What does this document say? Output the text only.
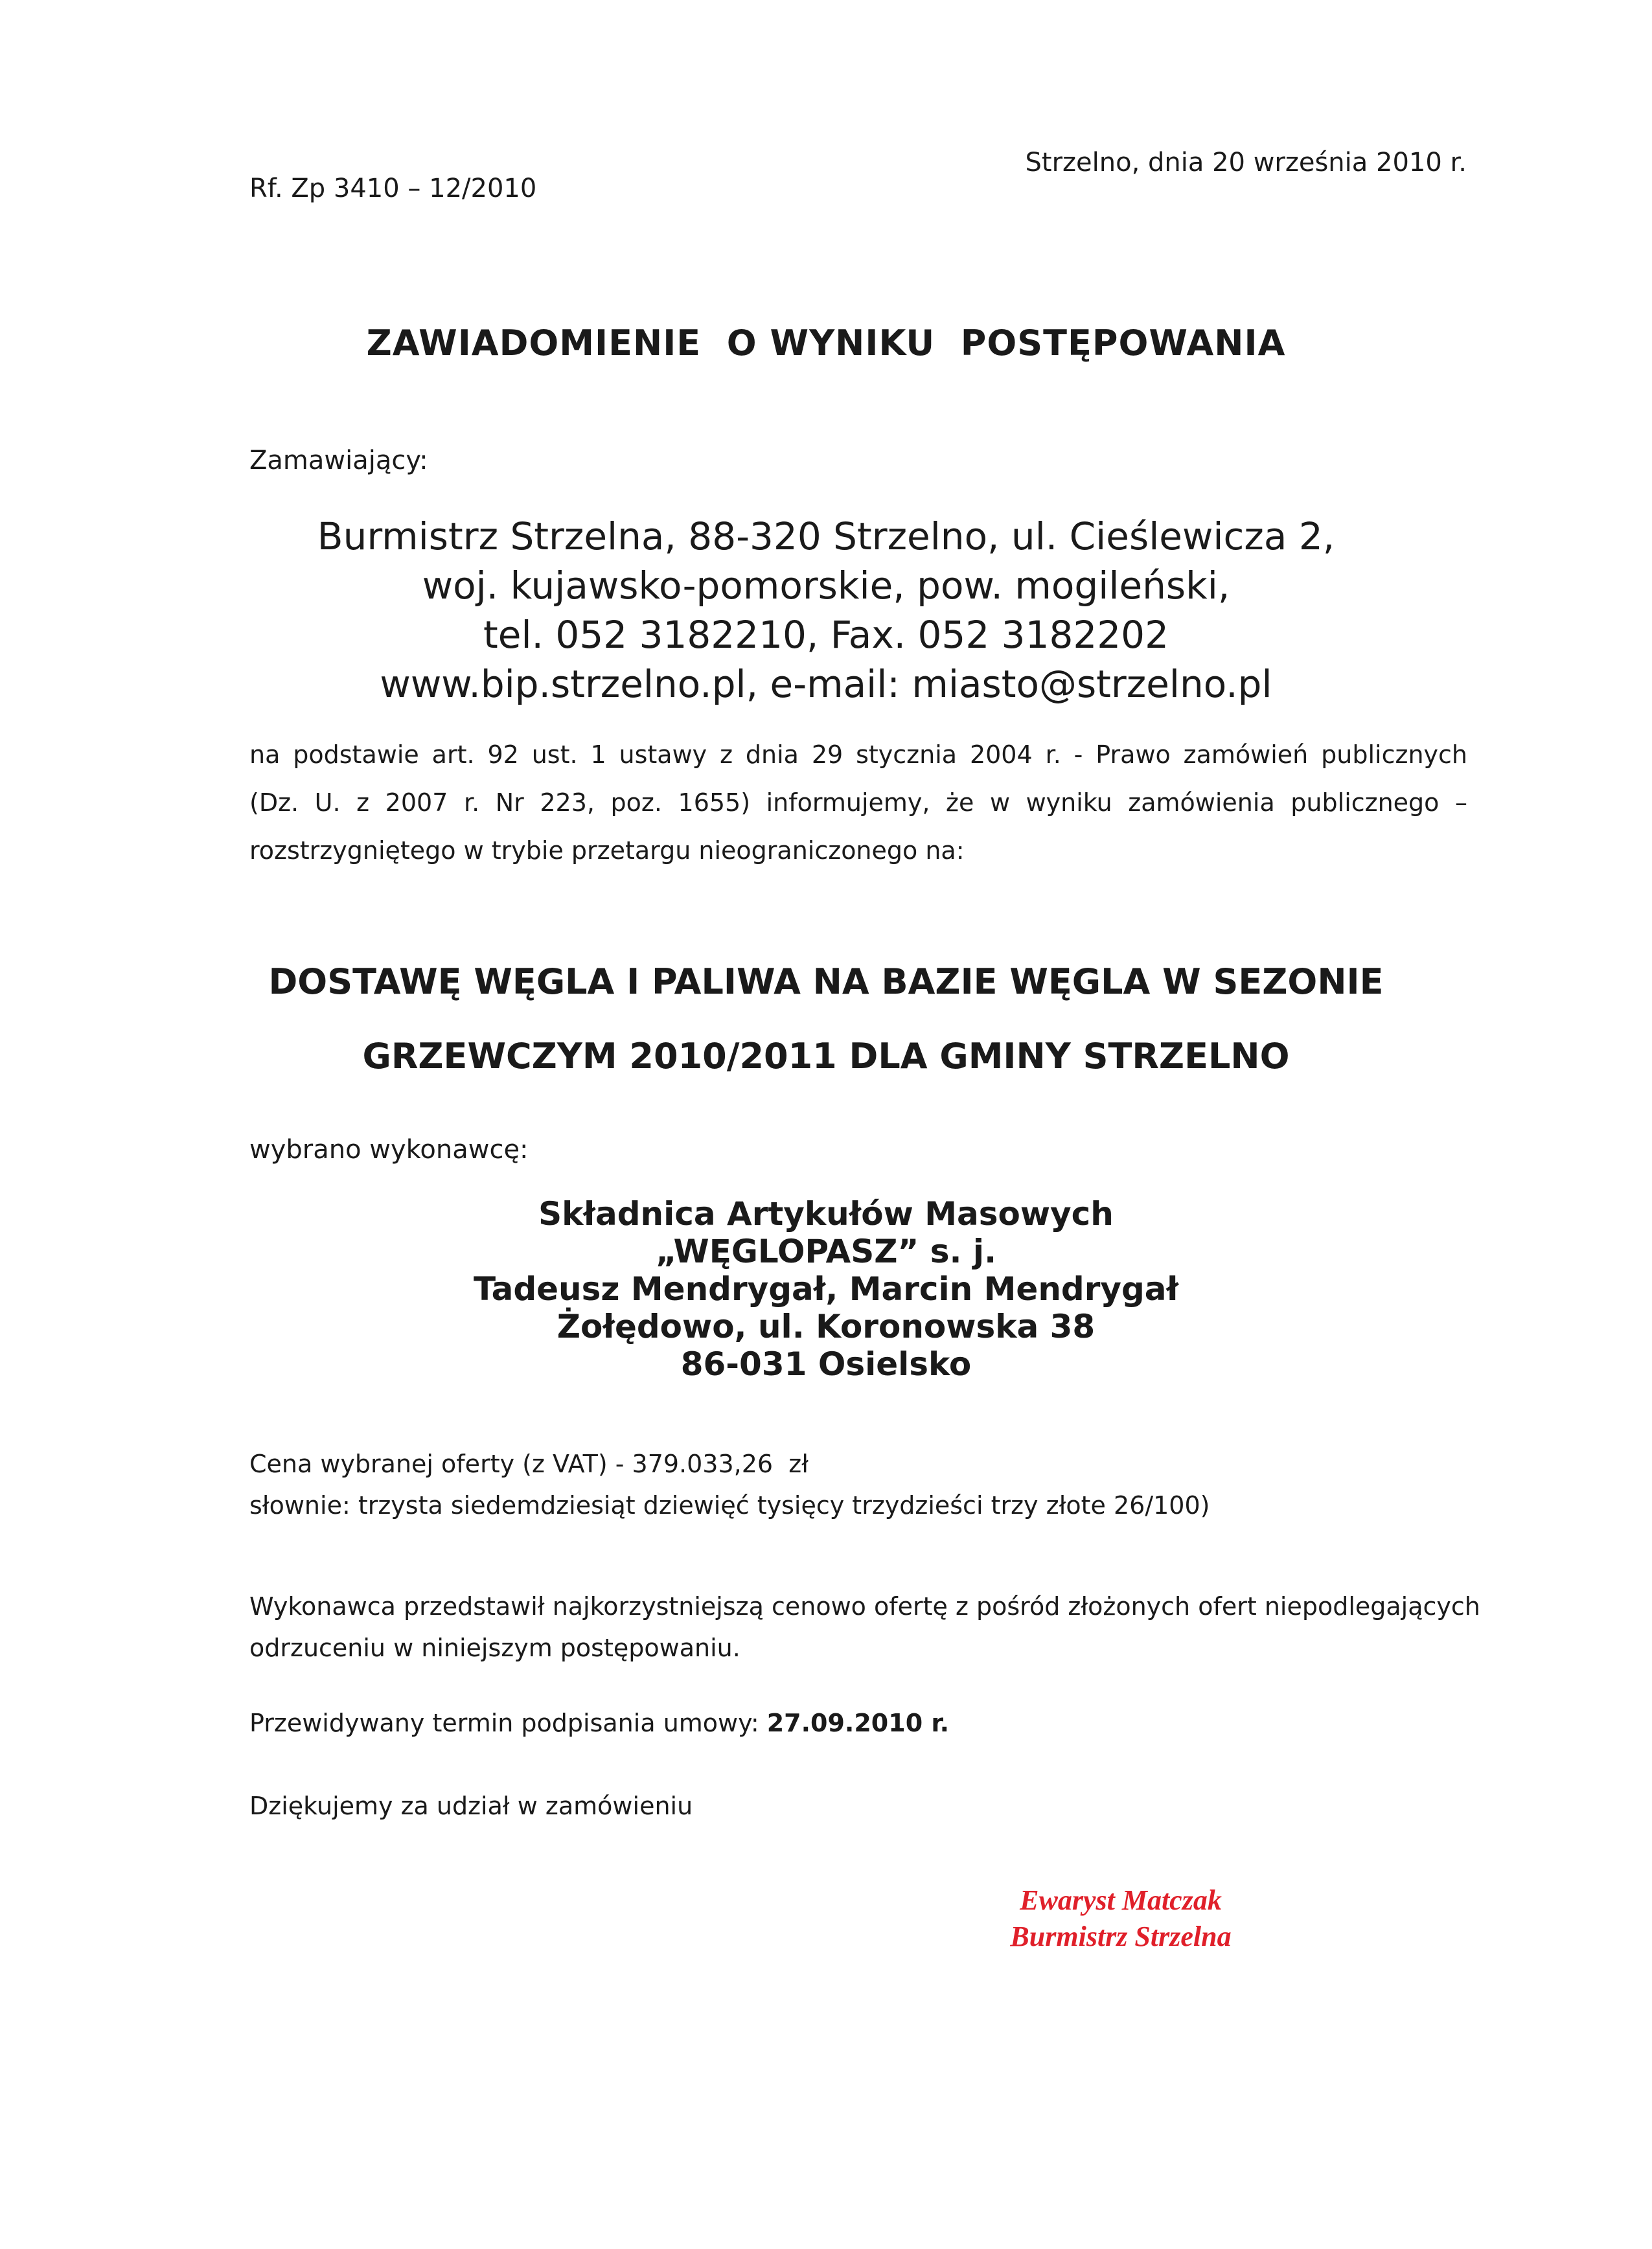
Rf. Zp 3410 – 12/2010

Strzelno, dnia 20 września 2010 r.

ZAWIADOMIENIE  O WYNIKU  POSTĘPOWANIA

Zamawiający:

Burmistrz Strzelna, 88-320 Strzelno, ul. Cieślewicza 2,
woj. kujawsko-pomorskie, pow. mogileński,
tel. 052 3182210, Fax. 052 3182202
www.bip.strzelno.pl, e-mail: miasto@strzelno.pl
na podstawie art. 92 ust. 1 ustawy z dnia 29 stycznia 2004 r. - Prawo zamówień publicznych
(Dz. U. z 2007 r. Nr 223, poz. 1655) informujemy, że w wyniku zamówienia publicznego –
rozstrzygniętego w trybie przetargu nieograniczonego na:
DOSTAWĘ WĘGLA I PALIWA NA BAZIE WĘGLA W SEZONIE
GRZEWCZYM 2010/2011 DLA GMINY STRZELNO

wybrano wykonawcę:

Składnica Artykułów Masowych
„WĘGLOPASZ” s. j.
Tadeusz Mendrygał, Marcin Mendrygał
Żołędowo, ul. Koronowska 38
86-031 Osielsko
Cena wybranej oferty (z VAT) - 379.033,26  zł
słownie: trzysta siedemdziesiąt dziewięć tysięcy trzydzieści trzy złote 26/100)
Wykonawca przedstawił najkorzystniejszą cenowo ofertę z pośród złożonych ofert niepodlegających
odrzuceniu w niniejszym postępowaniu.
Przewidywany termin podpisania umowy: 27.09.2010 r.
Dziękujemy za udział w zamówieniu
Ewaryst Matczak
Burmistrz Strzelna
